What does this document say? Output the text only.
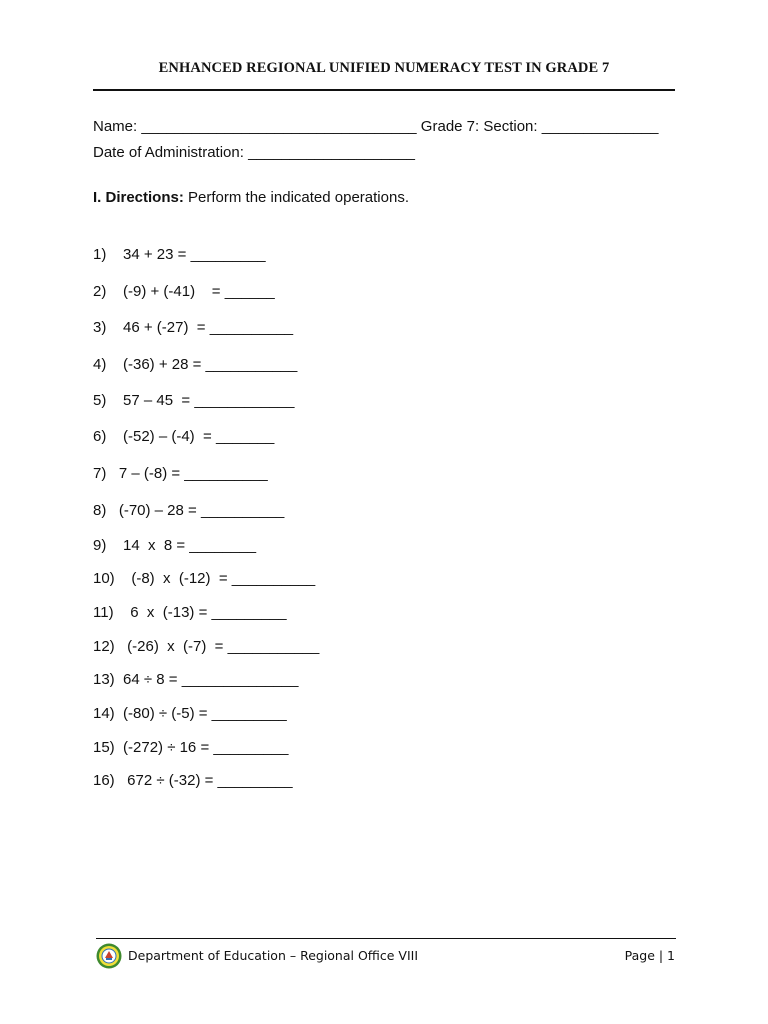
ENHANCED REGIONAL UNIFIED NUMERACY TEST IN GRADE 7
Name: _________________________________ Grade 7: Section: ______________
Date of Administration: ____________________
I. Directions: Perform the indicated operations.
1)    34 + 23 = _________
2)    (-9) + (-41)    = ______
3)    46 + (-27)  = __________
4)    (-36) + 28 = ___________
5)    57 – 45  = ____________
6)    (-52) – (-4)  = _______
7)   7 – (-8) = __________
8)   (-70) – 28 = __________
9)    14  x  8 = ________
10)    (-8)  x  (-12)  = __________
11)    6  x  (-13) = _________
12)   (-26)  x  (-7)  = ___________
13)  64 ÷ 8 = ______________
14)  (-80) ÷ (-5) = _________
15)  (-272) ÷ 16 = _________
16)   672 ÷ (-32) = _________
Department of Education – Regional Office VIII	Page | 1
